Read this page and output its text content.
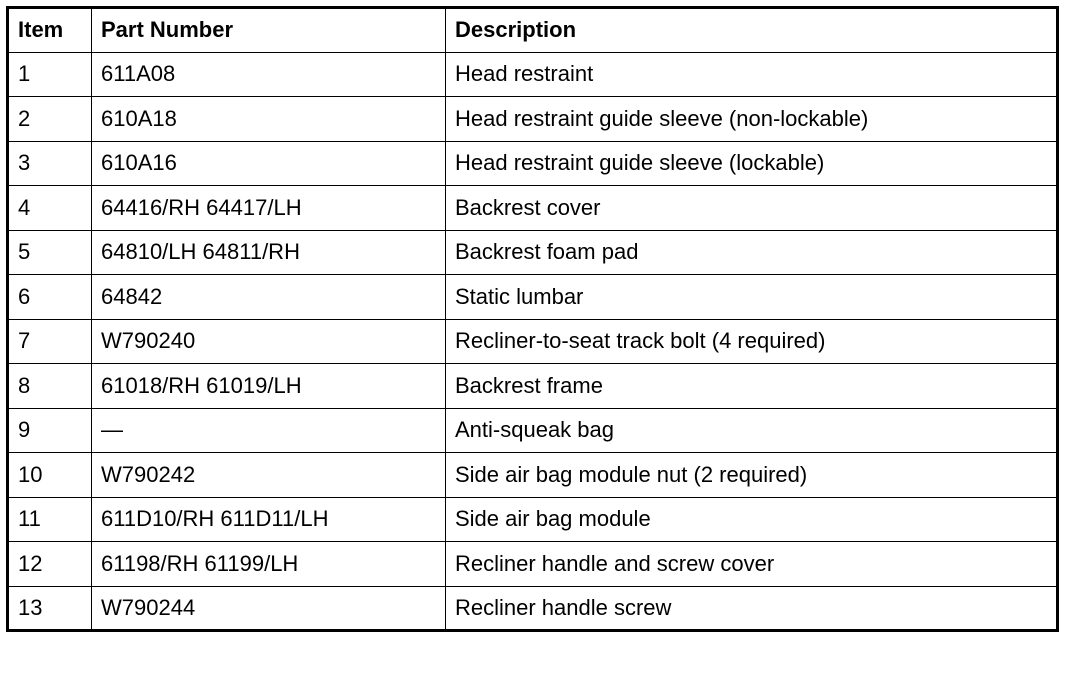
Item	Part Number	Description
1	611A08	Head restraint
2	610A18	Head restraint guide sleeve (non-lockable)
3	610A16	Head restraint guide sleeve (lockable)
4	64416/RH 64417/LH	Backrest cover
5	64810/LH 64811/RH	Backrest foam pad
6	64842	Static lumbar
7	W790240	Recliner-to-seat track bolt (4 required)
8	61018/RH 61019/LH	Backrest frame
9	—	Anti-squeak bag
10	W790242	Side air bag module nut (2 required)
11	611D10/RH 611D11/LH	Side air bag module
12	61198/RH 61199/LH	Recliner handle and screw cover
13	W790244	Recliner handle screw
